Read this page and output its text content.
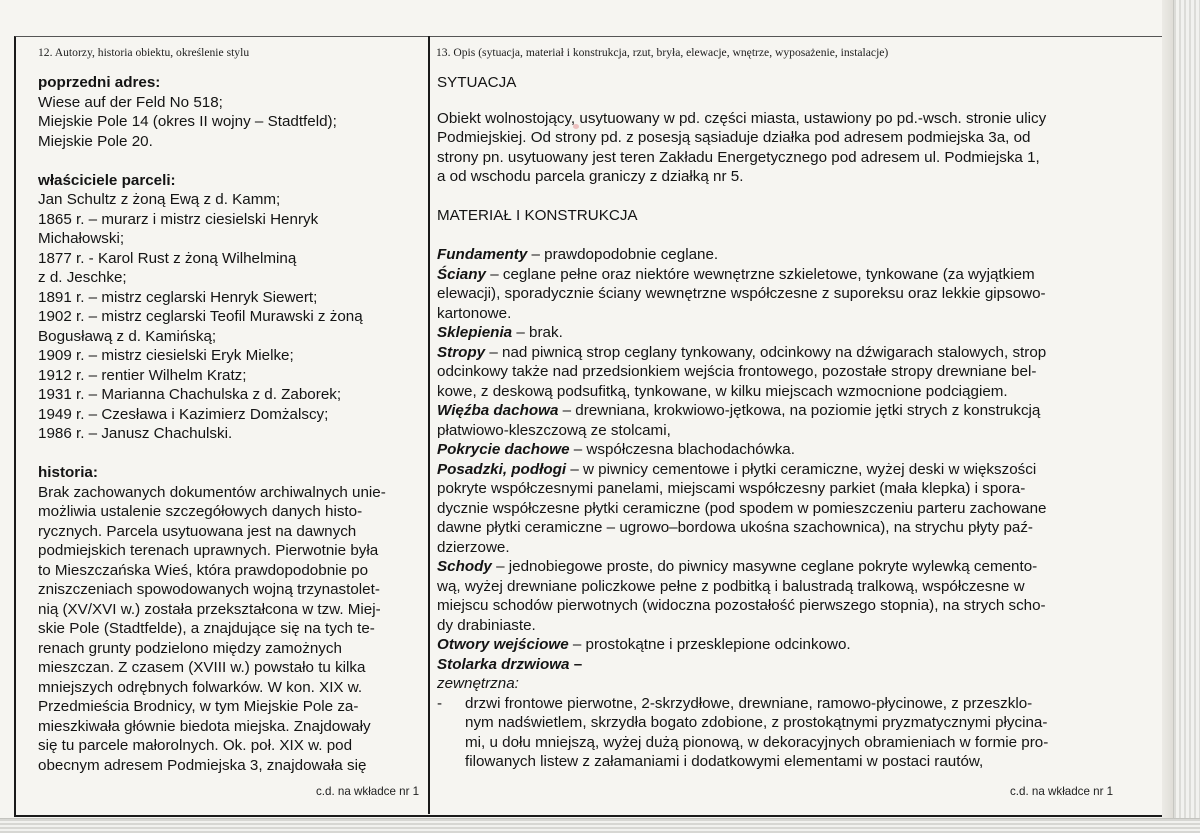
12. Autorzy, historia obiektu, określenie stylu	13. Opis (sytuacja, materiał i konstrukcja, rzut, bryła, elewacje, wnętrze, wyposażenie, instalacje)
poprzedni adres:
Wiese auf der Feld No 518;
Miejskie Pole 14 (okres II wojny – Stadtfeld);
Miejskie Pole 20.
właściciele parceli:
Jan Schultz z żoną Ewą z d. Kamm;
1865 r. – murarz i mistrz ciesielski Henryk
Michałowski;
1877 r. - Karol Rust z żoną Wilhelminą
z d. Jeschke;
1891 r. – mistrz ceglarski Henryk Siewert;
1902 r. – mistrz ceglarski Teofil Murawski z żoną
Bogusławą z d. Kamińską;
1909 r. – mistrz ciesielski Eryk Mielke;
1912 r. – rentier Wilhelm Kratz;
1931 r. – Marianna Chachulska z d. Zaborek;
1949 r. – Czesława i Kazimierz Domżalscy;
1986 r. – Janusz Chachulski.
historia:
Brak zachowanych dokumentów archiwalnych unie-
możliwia ustalenie szczegółowych danych histo-
rycznych. Parcela usytuowana jest na dawnych
podmiejskich terenach uprawnych. Pierwotnie była
to Mieszczańska Wieś, która prawdopodobnie po
zniszczeniach spowodowanych wojną trzynastolet-
nią (XV/XVI w.) została przekształcona w tzw. Miej-
skie Pole (Stadtfelde), a znajdujące się na tych te-
renach grunty podzielono między zamożnych
mieszczan. Z czasem (XVIII w.) powstało tu kilka
mniejszych odrębnych folwarków. W kon. XIX w.
Przedmieścia Brodnicy, w tym Miejskie Pole za-
mieszkiwała głównie biedota miejska. Znajdowały
się tu parcele małorolnych. Ok. poł. XIX w. pod
obecnym adresem Podmiejska 3, znajdowała się
SYTUACJA
Obiekt wolnostojący, usytuowany w pd. części miasta, ustawiony po pd.-wsch. stronie ulicy
Podmiejskiej. Od strony pd. z posesją sąsiaduje działka pod adresem podmiejska 3a, od
strony pn. usytuowany jest teren Zakładu Energetycznego pod adresem ul. Podmiejska 1,
a od wschodu parcela graniczy z działką nr 5.
MATERIAŁ I KONSTRUKCJA
Fundamenty – prawdopodobnie ceglane.
Ściany – ceglane pełne oraz niektóre wewnętrzne szkieletowe, tynkowane (za wyjątkiem
elewacji), sporadycznie ściany wewnętrzne współczesne z suporeksu oraz lekkie gipsowo-
kartonowe.
Sklepienia – brak.
Stropy – nad piwnicą strop ceglany tynkowany, odcinkowy na dźwigarach stalowych, strop
odcinkowy także nad przedsionkiem wejścia frontowego, pozostałe stropy drewniane bel-
kowe, z deskową podsufitką, tynkowane, w kilku miejscach wzmocnione podciągiem.
Więźba dachowa – drewniana, krokwiowo-jętkowa, na poziomie jętki strych z konstrukcją
płatwiowo-kleszczową ze stolcami,
Pokrycie dachowe – współczesna blachodachówka.
Posadzki, podłogi – w piwnicy cementowe i płytki ceramiczne, wyżej deski w większości
pokryte współczesnymi panelami, miejscami współczesny parkiet (mała klepka) i spora-
dycznie współczesne płytki ceramiczne (pod spodem w pomieszczeniu parteru zachowane
dawne płytki ceramiczne – ugrowo–bordowa ukośna szachownica), na strychu płyty paź-
dzierzowe.
Schody – jednobiegowe proste, do piwnicy masywne ceglane pokryte wylewką cemento-
wą, wyżej drewniane policzkowe pełne z podbitką i balustradą tralkową, współczesne w
miejscu schodów pierwotnych (widoczna pozostałość pierwszego stopnia), na strych scho-
dy drabiniaste.
Otwory wejściowe – prostokątne i przesklepione odcinkowo.
Stolarka drzwiowa –
zewnętrzna:
-	drzwi frontowe pierwotne, 2-skrzydłowe, drewniane, ramowo-płycinowe, z przeszklo-
nym nadświetlem, skrzydła bogato zdobione, z prostokątnymi pryzmatycznymi płycina-
mi, u dołu mniejszą, wyżej dużą pionową, w dekoracyjnych obramieniach w formie pro-
filowanych listew z załamaniami i dodatkowymi elementami w postaci rautów,
c.d. na wkładce nr 1	c.d. na wkładce nr 1
